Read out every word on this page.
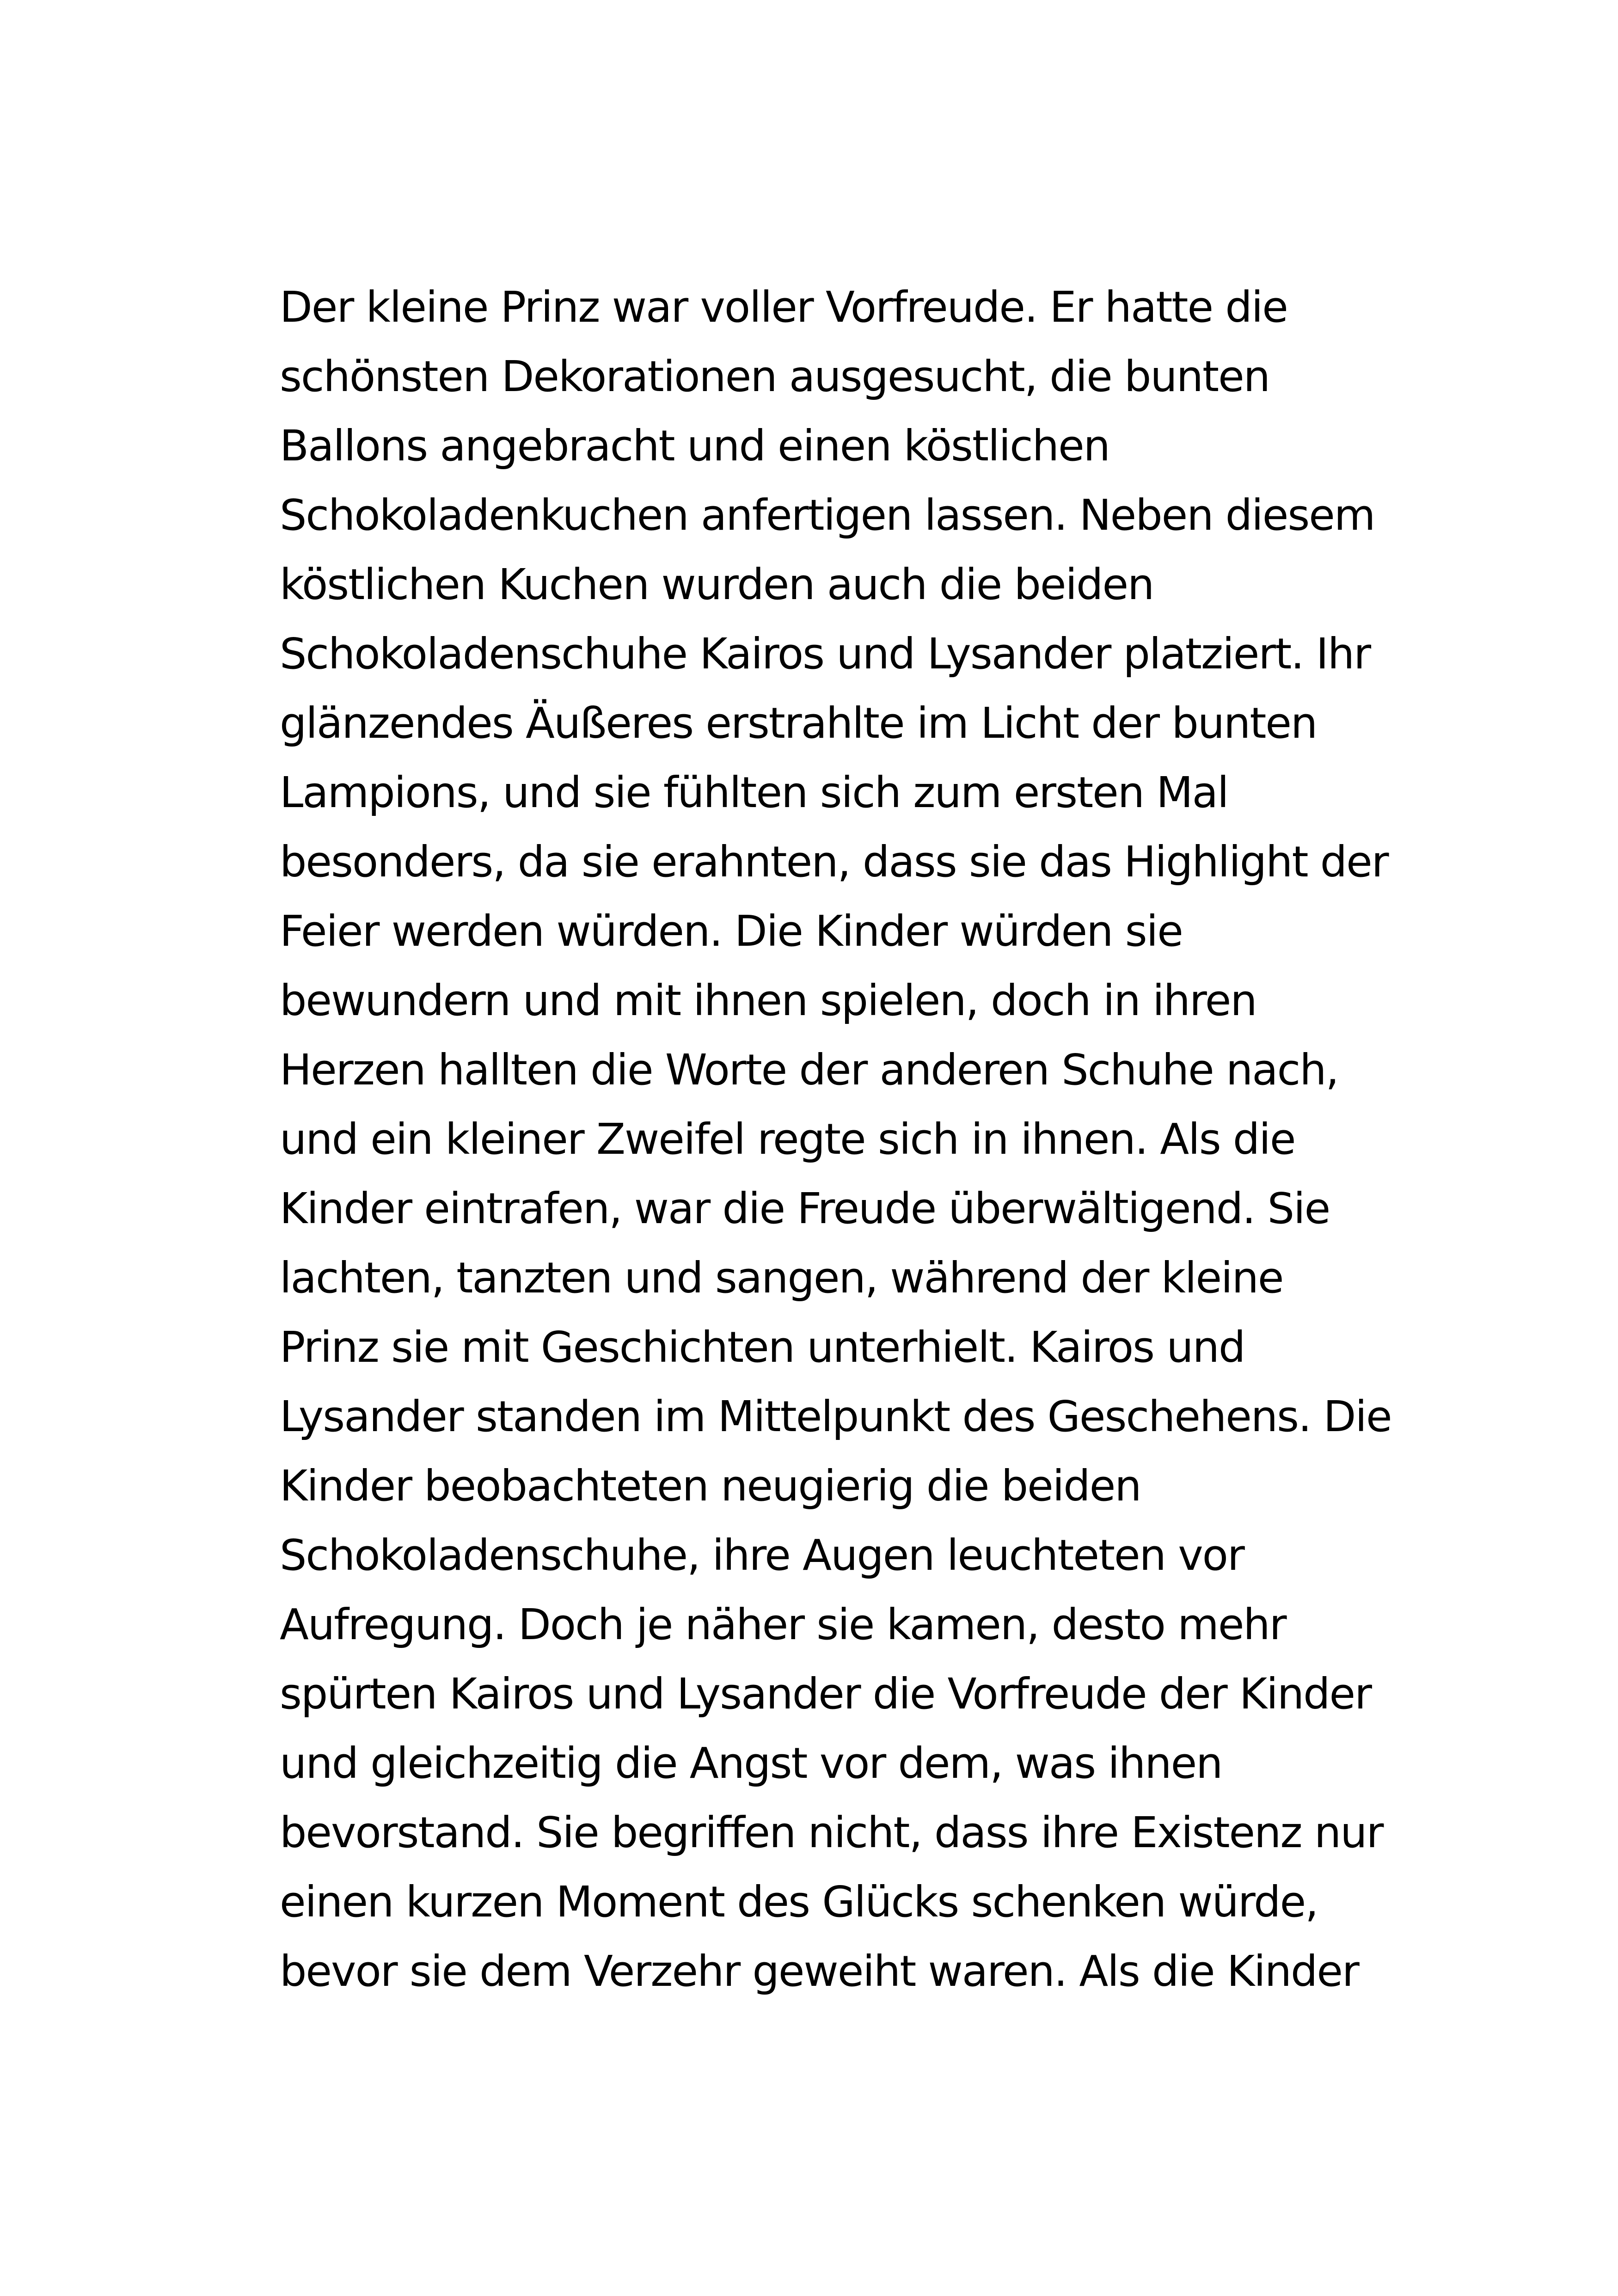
Der kleine Prinz war voller Vorfreude. Er hatte die
schönsten Dekorationen ausgesucht, die bunten
Ballons angebracht und einen köstlichen
Schokoladenkuchen anfertigen lassen. Neben diesem
köstlichen Kuchen wurden auch die beiden
Schokoladenschuhe Kairos und Lysander platziert. Ihr
glänzendes Äußeres erstrahlte im Licht der bunten
Lampions, und sie fühlten sich zum ersten Mal
besonders, da sie erahnten, dass sie das Highlight der
Feier werden würden. Die Kinder würden sie
bewundern und mit ihnen spielen, doch in ihren
Herzen hallten die Worte der anderen Schuhe nach,
und ein kleiner Zweifel regte sich in ihnen. Als die
Kinder eintrafen, war die Freude überwältigend. Sie
lachten, tanzten und sangen, während der kleine
Prinz sie mit Geschichten unterhielt. Kairos und
Lysander standen im Mittelpunkt des Geschehens. Die
Kinder beobachteten neugierig die beiden
Schokoladenschuhe, ihre Augen leuchteten vor
Aufregung. Doch je näher sie kamen, desto mehr
spürten Kairos und Lysander die Vorfreude der Kinder
und gleichzeitig die Angst vor dem, was ihnen
bevorstand. Sie begriffen nicht, dass ihre Existenz nur
einen kurzen Moment des Glücks schenken würde,
bevor sie dem Verzehr geweiht waren. Als die Kinder
